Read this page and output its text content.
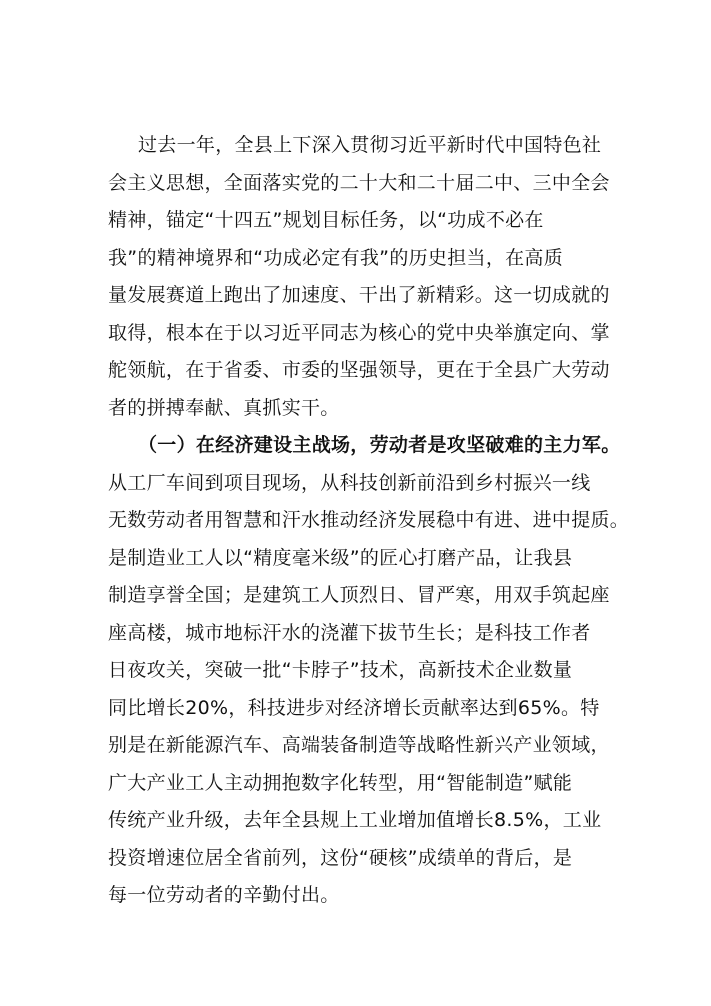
过去一年，全县上下深入贯彻习近平新时代中国特色社
会主义思想，全面落实党的二十大和二十届二中、三中全会
精神，锚定“十四五”规划目标任务，以“功成不必在
我”的精神境界和“功成必定有我”的历史担当，在高质
量发展赛道上跑出了加速度、干出了新精彩。这一切成就的
取得，根本在于以习近平同志为核心的党中央举旗定向、掌
舵领航，在于省委、市委的坚强领导，更在于全县广大劳动
者的拼搏奉献、真抓实干。
（一）在经济建设主战场，劳动者是攻坚破难的主力军。
从工厂车间到项目现场，从科技创新前沿到乡村振兴一线
无数劳动者用智慧和汗水推动经济发展稳中有进、进中提质。
是制造业工人以“精度毫米级”的匠心打磨产品，让我县
制造享誉全国；是建筑工人顶烈日、冒严寒，用双手筑起座
座高楼，城市地标汗水的浇灌下拔节生长；是科技工作者
日夜攻关，突破一批“卡脖子”技术，高新技术企业数量
同比增长20%，科技进步对经济增长贡献率达到65%。特
别是在新能源汽车、高端装备制造等战略性新兴产业领域，
广大产业工人主动拥抱数字化转型，用“智能制造”赋能
传统产业升级，去年全县规上工业增加值增长8.5%，工业
投资增速位居全省前列，这份“硬核”成绩单的背后，是
每一位劳动者的辛勤付出。
